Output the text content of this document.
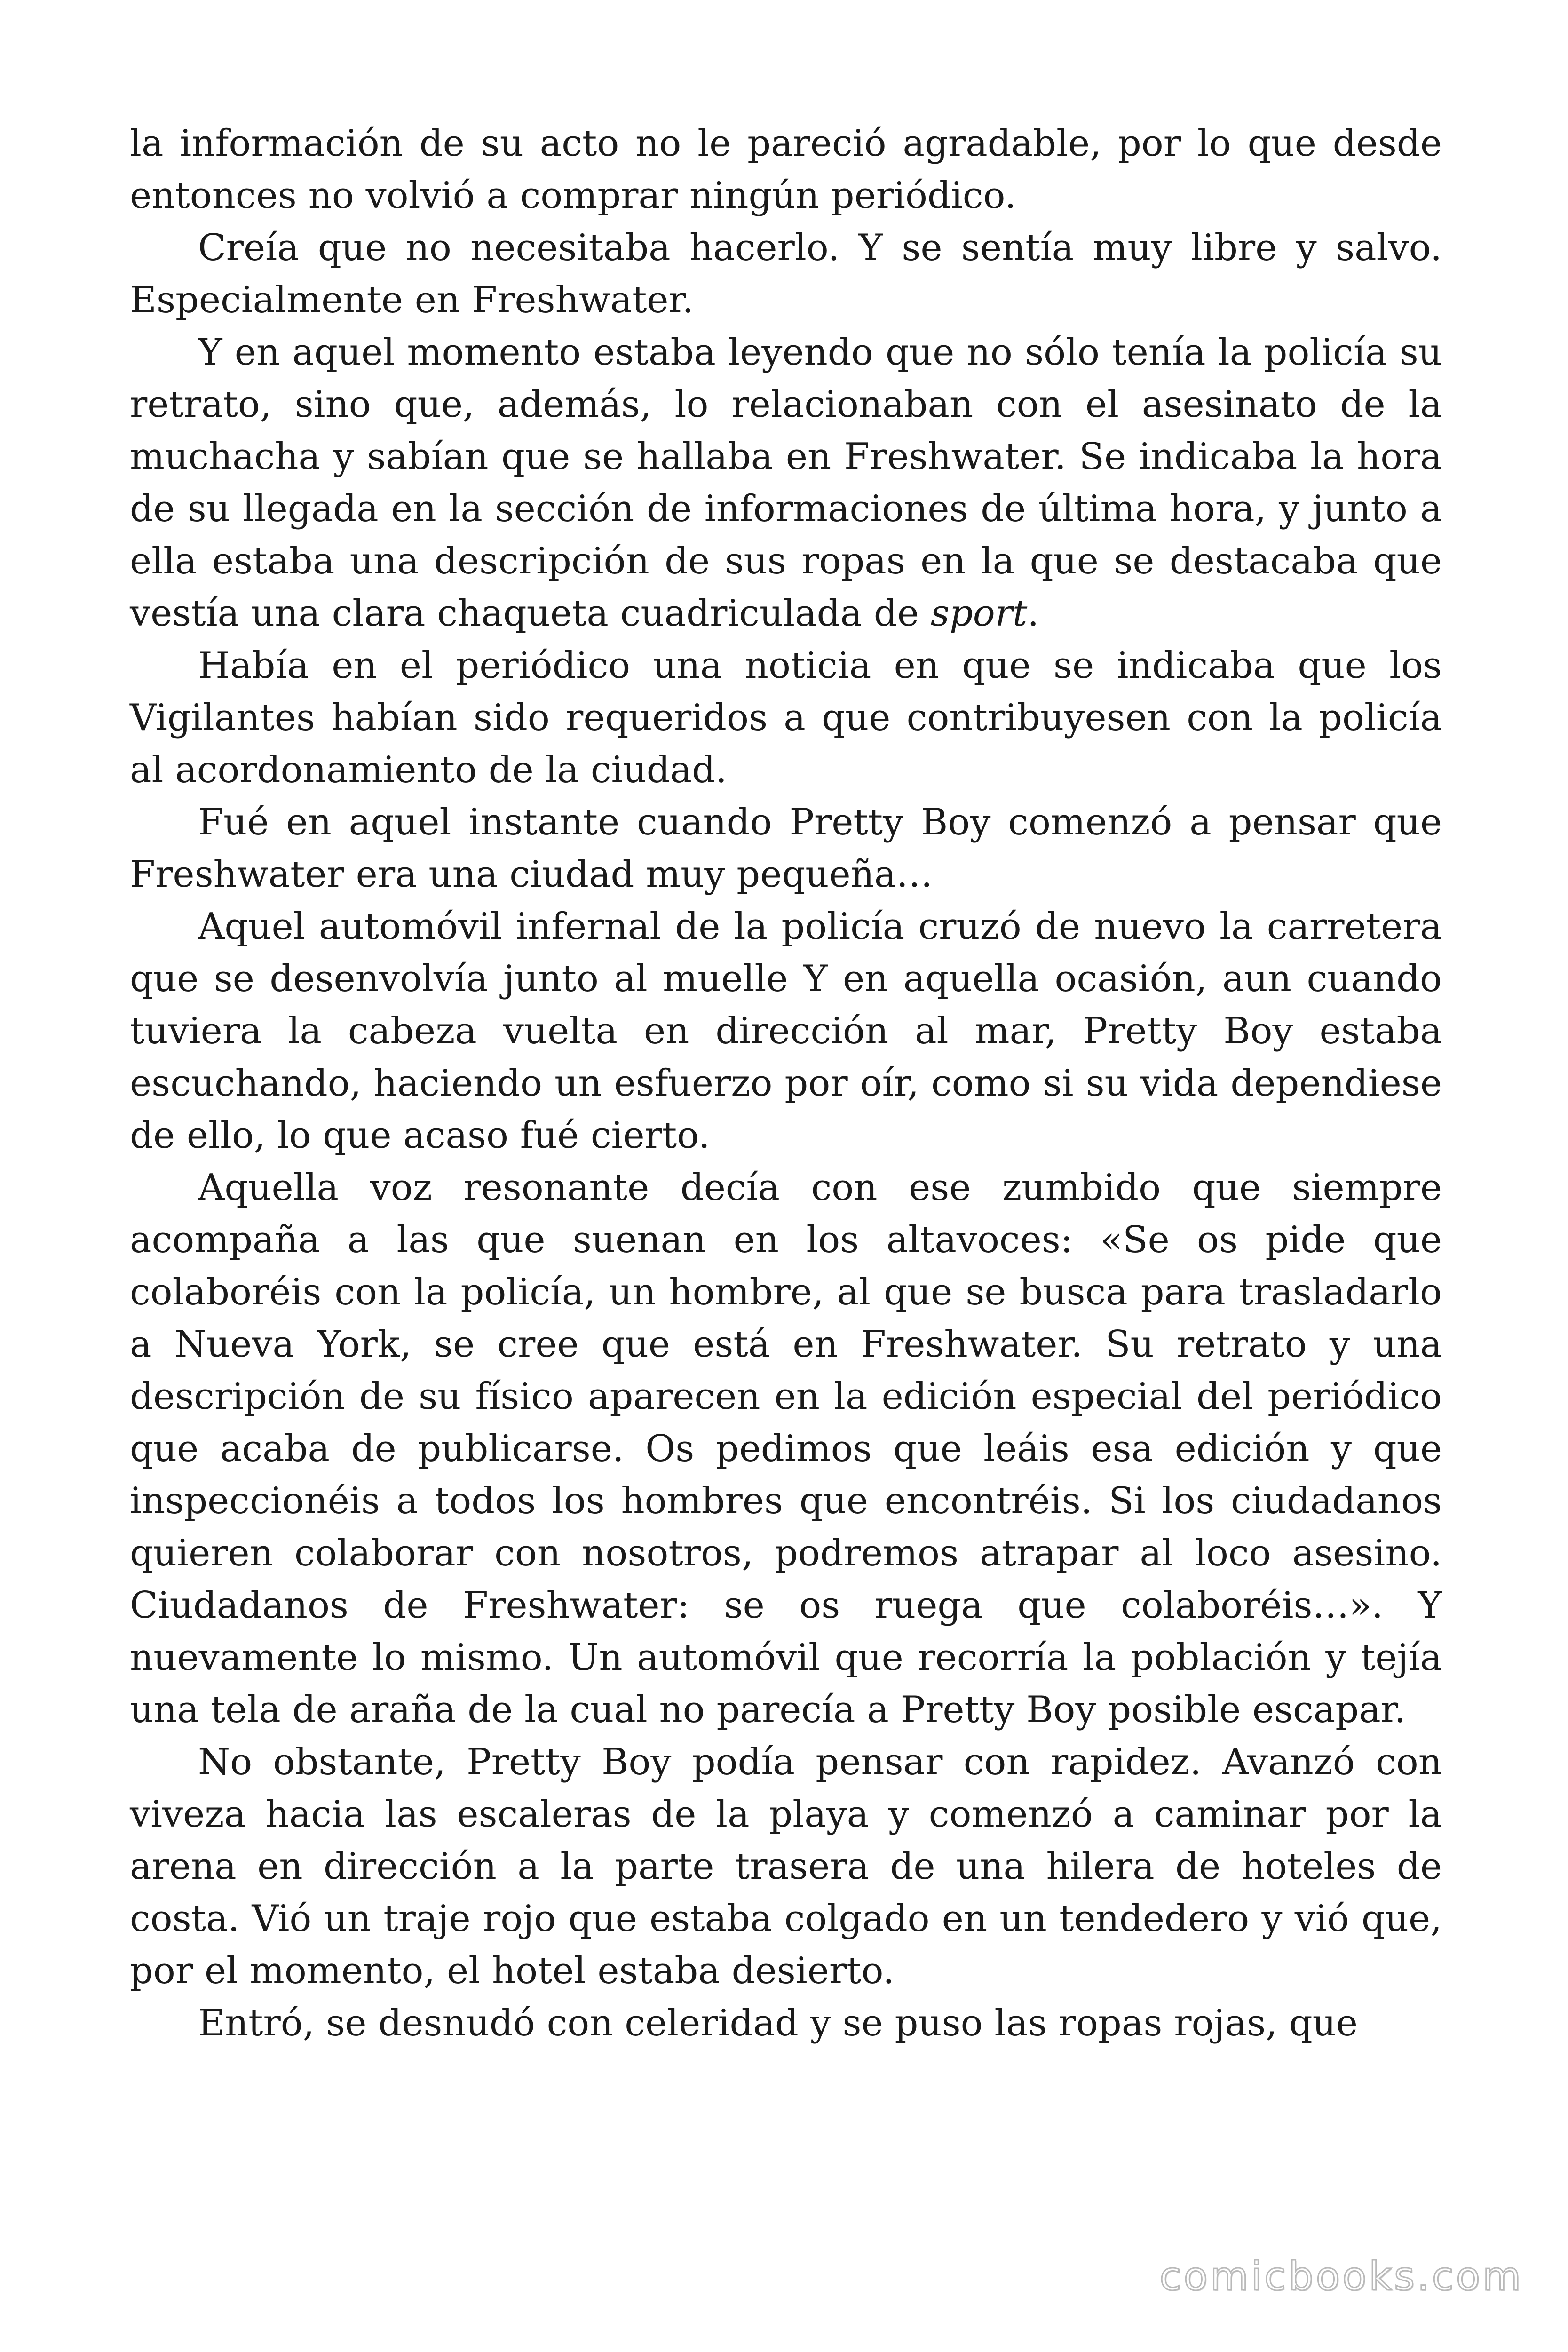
la información de su acto no le pareció agradable, por lo que desde entonces no volvió a comprar ningún periódico.

Creía que no necesitaba hacerlo. Y se sentía muy libre y salvo. Especialmente en Freshwater.

Y en aquel momento estaba leyendo que no sólo tenía la policía su retrato, sino que, además, lo relacionaban con el asesinato de la muchacha y sabían que se hallaba en Freshwater. Se indicaba la hora de su llegada en la sección de informaciones de última hora, y junto a ella estaba una descripción de sus ropas en la que se destacaba que vestía una clara chaqueta cuadriculada de sport.

Había en el periódico una noticia en que se indicaba que los Vigilantes habían sido requeridos a que contribuyesen con la policía al acordonamiento de la ciudad.

Fué en aquel instante cuando Pretty Boy comenzó a pensar que Freshwater era una ciudad muy pequeña…

Aquel automóvil infernal de la policía cruzó de nuevo la carretera que se desenvolvía junto al muelle Y en aquella ocasión, aun cuando tuviera la cabeza vuelta en dirección al mar, Pretty Boy estaba escuchando, haciendo un esfuerzo por oír, como si su vida dependiese de ello, lo que acaso fué cierto.

Aquella voz resonante decía con ese zumbido que siempre acompaña a las que suenan en los altavoces: «Se os pide que colaboréis con la policía, un hombre, al que se busca para trasladarlo a Nueva York, se cree que está en Freshwater. Su retrato y una descripción de su físico aparecen en la edición especial del periódico que acaba de publicarse. Os pedimos que leáis esa edición y que inspeccionéis a todos los hombres que encontréis. Si los ciudadanos quieren colaborar con nosotros, podremos atrapar al loco asesino. Ciudadanos de Freshwater: se os ruega que colaboréis…». Y nuevamente lo mismo. Un automóvil que recorría la población y tejía una tela de araña de la cual no parecía a Pretty Boy posible escapar.

No obstante, Pretty Boy podía pensar con rapidez. Avanzó con viveza hacia las escaleras de la playa y comenzó a caminar por la arena en dirección a la parte trasera de una hilera de hoteles de costa. Vió un traje rojo que estaba colgado en un tendedero y vió que, por el momento, el hotel estaba desierto.

Entró, se desnudó con celeridad y se puso las ropas rojas, que

comicbooks.com
